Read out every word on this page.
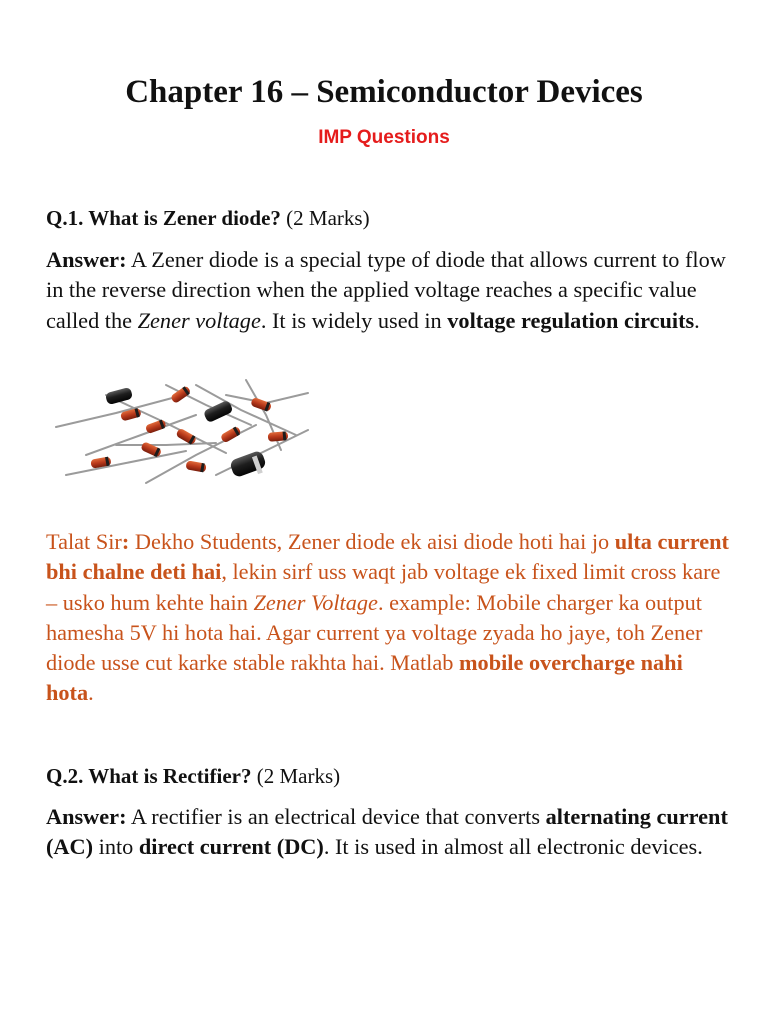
Chapter 16 – Semiconductor Devices
IMP Questions

Q.1. What is Zener diode? (2 Marks)

Answer: A Zener diode is a special type of diode that allows current to flow in the reverse direction when the applied voltage reaches a specific value called the Zener voltage. It is widely used in voltage regulation circuits.

Talat Sir: Dekho Students, Zener diode ek aisi diode hoti hai jo ulta current bhi chalne deti hai, lekin sirf uss waqt jab voltage ek fixed limit cross kare – usko hum kehte hain Zener Voltage. example: Mobile charger ka output hamesha 5V hi hota hai. Agar current ya voltage zyada ho jaye, toh Zener diode usse cut karke stable rakhta hai. Matlab mobile overcharge nahi hota.

Q.2. What is Rectifier? (2 Marks)

Answer: A rectifier is an electrical device that converts alternating current (AC) into direct current (DC). It is used in almost all electronic devices.
